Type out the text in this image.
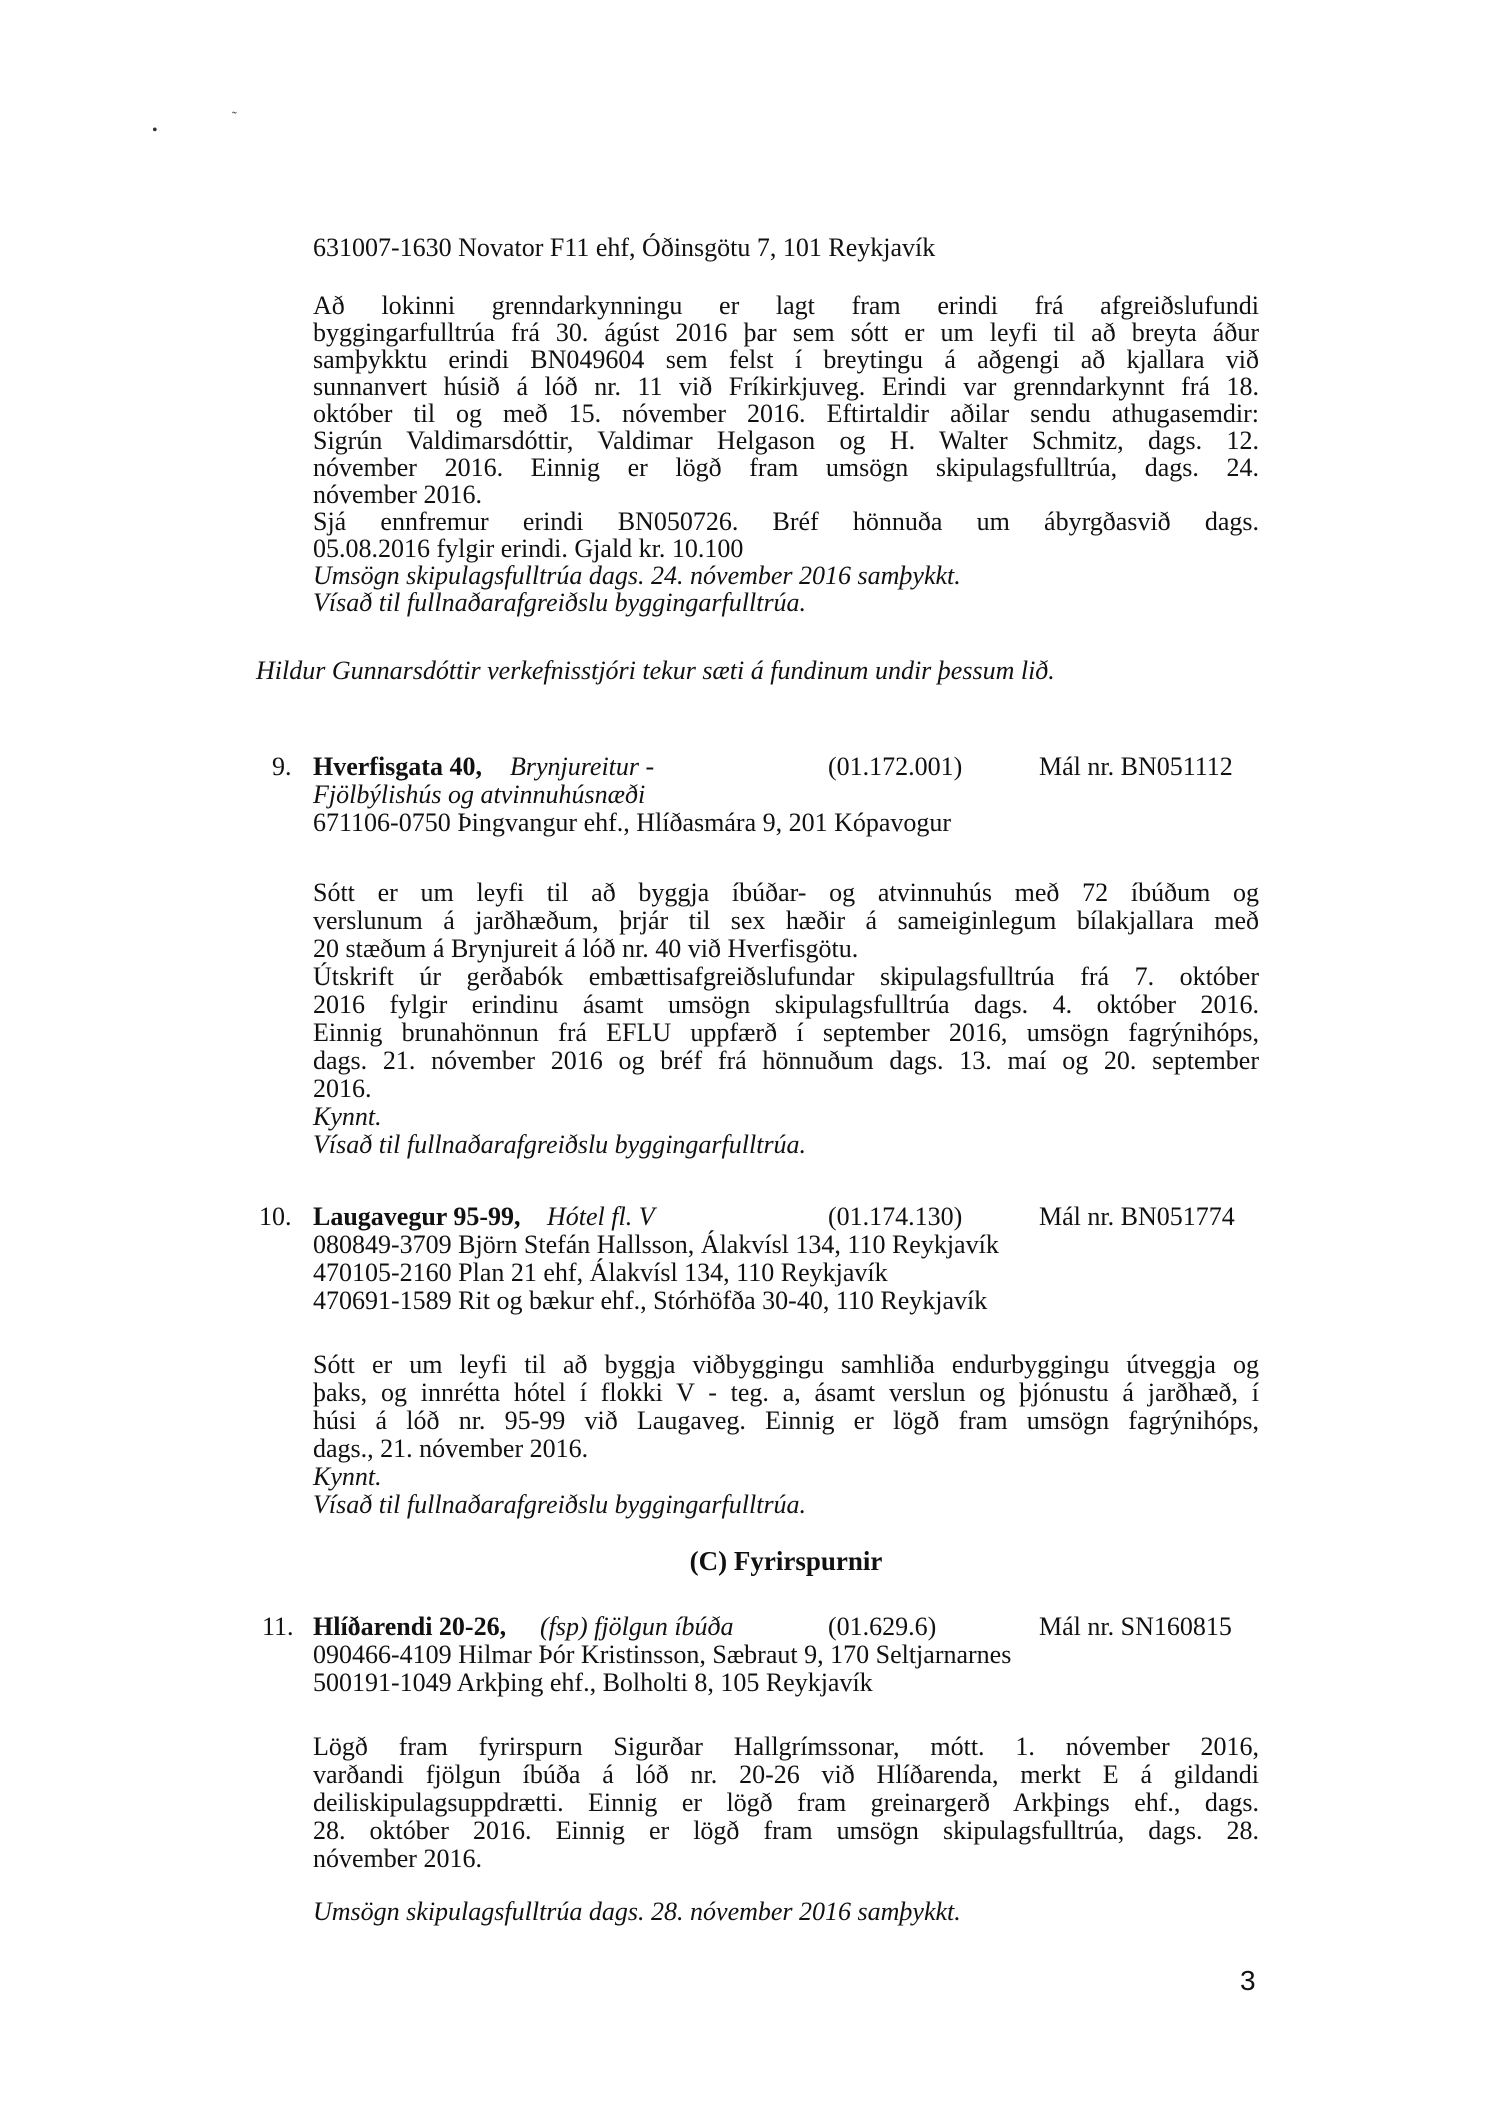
•
˜
631007-1630 Novator F11 ehf, Óðinsgötu 7, 101 Reykjavík
Að lokinni grenndarkynningu er lagt fram erindi frá afgreiðslufundi
byggingarfulltrúa frá 30. ágúst 2016 þar sem sótt er um leyfi til að breyta áður
samþykktu erindi BN049604 sem felst í breytingu á aðgengi að kjallara við
sunnanvert húsið á lóð nr. 11 við Fríkirkjuveg. Erindi var grenndarkynnt frá 18.
október til og með 15. nóvember 2016. Eftirtaldir aðilar sendu athugasemdir:
Sigrún Valdimarsdóttir, Valdimar Helgason og H. Walter Schmitz, dags. 12.
nóvember 2016. Einnig er lögð fram umsögn skipulagsfulltrúa, dags. 24.
nóvember 2016.
Sjá ennfremur erindi BN050726. Bréf hönnuða um ábyrgðasvið dags.
05.08.2016 fylgir erindi. Gjald kr. 10.100
Umsögn skipulagsfulltrúa dags. 24. nóvember 2016 samþykkt.
Vísað til fullnaðarafgreiðslu byggingarfulltrúa.
Hildur Gunnarsdóttir verkefnisstjóri tekur sæti á fundinum undir þessum lið.
9. Hverfisgata 40, Brynjureitur -	(01.172.001)	Mál nr. BN051112
Fjölbýlishús og atvinnuhúsnæði
671106-0750 Þingvangur ehf., Hlíðasmára 9, 201 Kópavogur
Sótt er um leyfi til að byggja íbúðar- og atvinnuhús með 72 íbúðum og
verslunum á jarðhæðum, þrjár til sex hæðir á sameiginlegum bílakjallara með
20 stæðum á Brynjureit á lóð nr. 40 við Hverfisgötu.
Útskrift úr gerðabók embættisafgreiðslufundar skipulagsfulltrúa frá 7. október
2016 fylgir erindinu ásamt umsögn skipulagsfulltrúa dags. 4. október 2016.
Einnig brunahönnun frá EFLU uppfærð í september 2016, umsögn fagrýnihóps,
dags. 21. nóvember 2016 og bréf frá hönnuðum dags. 13. maí og 20. september
2016.
Kynnt.
Vísað til fullnaðarafgreiðslu byggingarfulltrúa.
10. Laugavegur 95-99, Hótel fl. V	(01.174.130)	Mál nr. BN051774
080849-3709 Björn Stefán Hallsson, Álakvísl 134, 110 Reykjavík
470105-2160 Plan 21 ehf, Álakvísl 134, 110 Reykjavík
470691-1589 Rit og bækur ehf., Stórhöfða 30-40, 110 Reykjavík
Sótt er um leyfi til að byggja viðbyggingu samhliða endurbyggingu útveggja og
þaks, og innrétta hótel í flokki V - teg. a, ásamt verslun og þjónustu á jarðhæð, í
húsi á lóð nr. 95-99 við Laugaveg. Einnig er lögð fram umsögn fagrýnihóps,
dags., 21. nóvember 2016.
Kynnt.
Vísað til fullnaðarafgreiðslu byggingarfulltrúa.
(C) Fyrirspurnir
11. Hlíðarendi 20-26, (fsp) fjölgun íbúða	(01.629.6)	Mál nr. SN160815
090466-4109 Hilmar Þór Kristinsson, Sæbraut 9, 170 Seltjarnarnes
500191-1049 Arkþing ehf., Bolholti 8, 105 Reykjavík
Lögð fram fyrirspurn Sigurðar Hallgrímssonar, mótt. 1. nóvember 2016,
varðandi fjölgun íbúða á lóð nr. 20-26 við Hlíðarenda, merkt E á gildandi
deiliskipulagsuppdrætti. Einnig er lögð fram greinargerð Arkþings ehf., dags.
28. október 2016. Einnig er lögð fram umsögn skipulagsfulltrúa, dags. 28.
nóvember 2016.
Umsögn skipulagsfulltrúa dags. 28. nóvember 2016 samþykkt.
3
